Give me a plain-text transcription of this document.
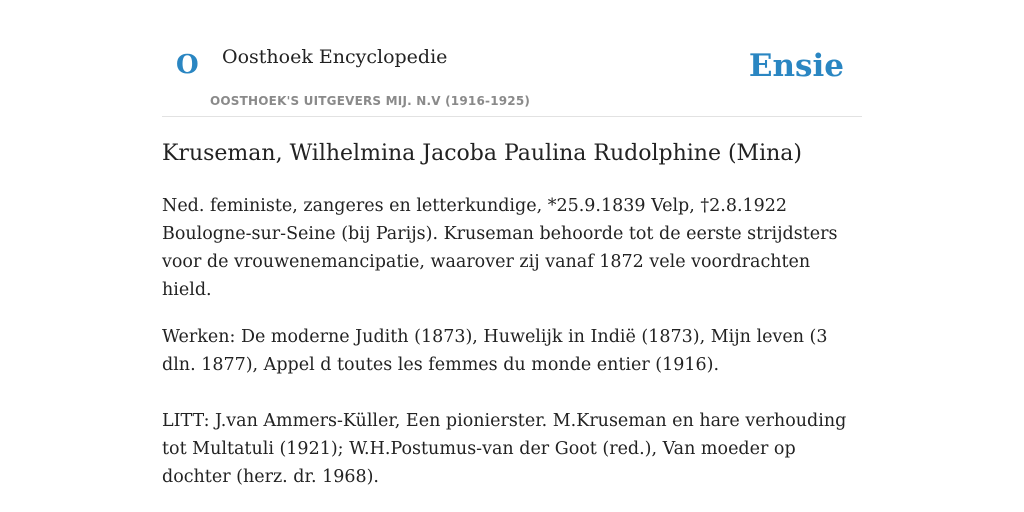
O Oosthoek Encyclopedie
OOSTHOEK'S UITGEVERS MIJ. N.V (1916-1925)
Ensie
Kruseman, Wilhelmina Jacoba Paulina Rudolphine (Mina)

Ned. feministe, zangeres en letterkundige, *25.9.1839 Velp, †2.8.1922 Boulogne-sur-Seine (bij Parijs). Kruseman behoorde tot de eerste strijdsters voor de vrouwenemancipatie, waarover zij vanaf 1872 vele voordrachten hield.

Werken: De moderne Judith (1873), Huwelijk in Indië (1873), Mijn leven (3 dln. 1877), Appel d toutes les femmes du monde entier (1916).

LITT: J.van Ammers-Küller, Een pionierster. M.Kruseman en hare verhouding tot Multatuli (1921); W.H.Postumus-van der Goot (red.), Van moeder op dochter (herz. dr. 1968).
